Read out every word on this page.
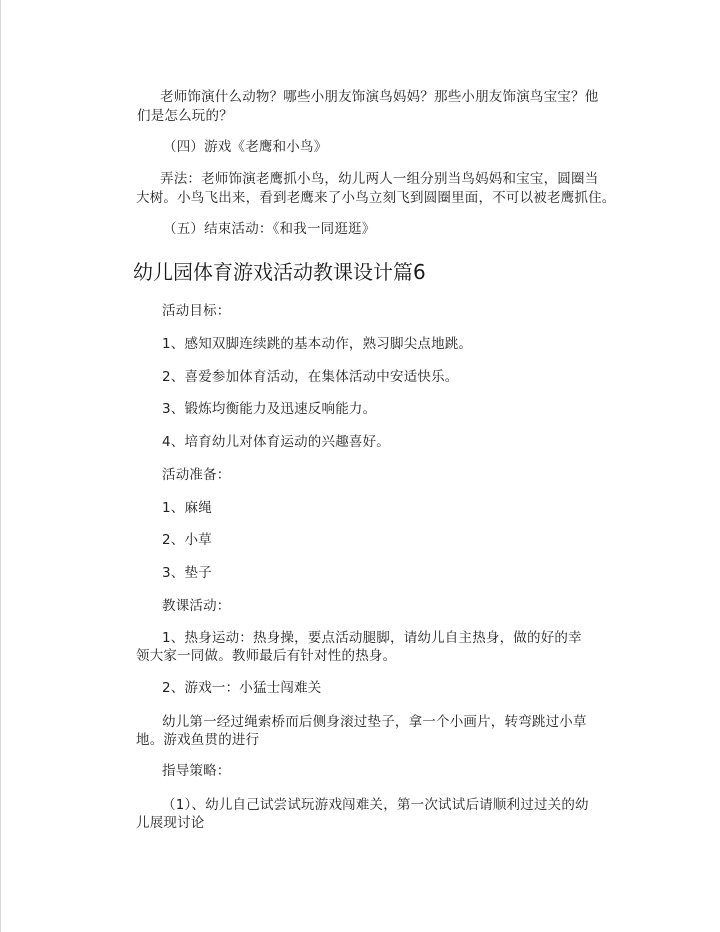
老师饰演什么动物？哪些小朋友饰演鸟妈妈？那些小朋友饰演鸟宝宝？他
们是怎么玩的？
（四）游戏《老鹰和小鸟》
弄法：老师饰演老鹰抓小鸟，幼儿两人一组分别当鸟妈妈和宝宝，圆圈当
大树。小鸟飞出来，看到老鹰来了小鸟立刻飞到圆圈里面，不可以被老鹰抓住。
（五）结束活动：《和我一同逛逛》
幼儿园体育游戏活动教课设计篇6
活动目标：
1、感知双脚连续跳的基本动作，熟习脚尖点地跳。
2、喜爱参加体育活动，在集体活动中安适快乐。
3、锻炼均衡能力及迅速反响能力。
4、培育幼儿对体育运动的兴趣喜好。
活动准备：
1、麻绳
2、小草
3、垫子
教课活动：
1、热身运动：热身操，要点活动腿脚，请幼儿自主热身，做的好的幸
领大家一同做。教师最后有针对性的热身。
2、游戏一：小猛士闯难关
幼儿第一经过绳索桥而后侧身滚过垫子，拿一个小画片，转弯跳过小草
地。游戏鱼贯的进行
指导策略：
（1）、幼儿自己试尝试玩游戏闯难关，第一次试试后请顺利过过关的幼
儿展现讨论
